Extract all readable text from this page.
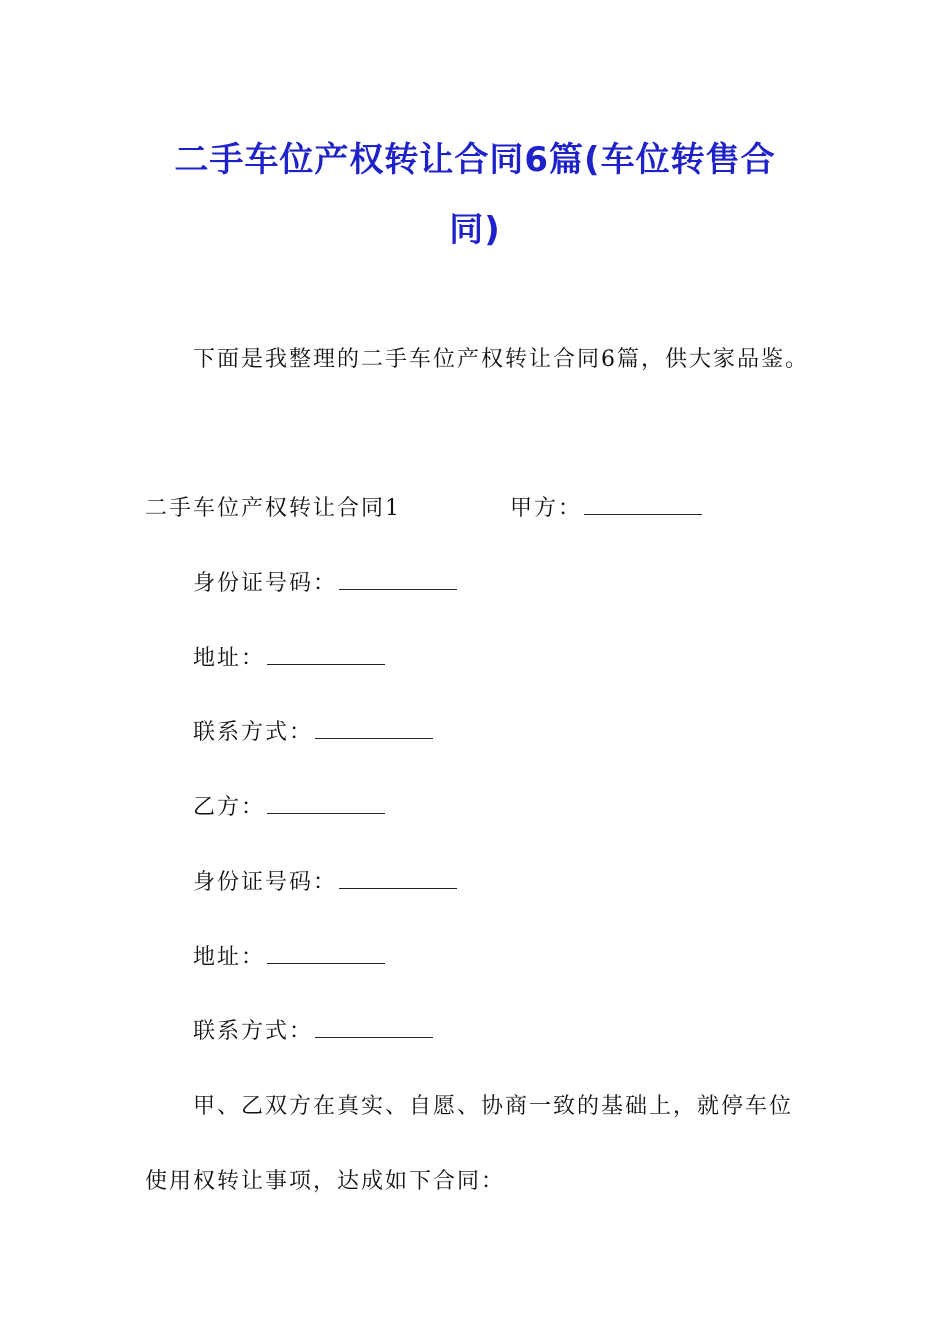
二手车位产权转让合同6篇(车位转售合
同)
下面是我整理的二手车位产权转让合同6篇，供大家品鉴。
二手车位产权转让合同1	甲方：
身份证号码：
地址：
联系方式：
乙方：
身份证号码：
地址：
联系方式：
甲、乙双方在真实、自愿、协商一致的基础上，就停车位
使用权转让事项，达成如下合同：
